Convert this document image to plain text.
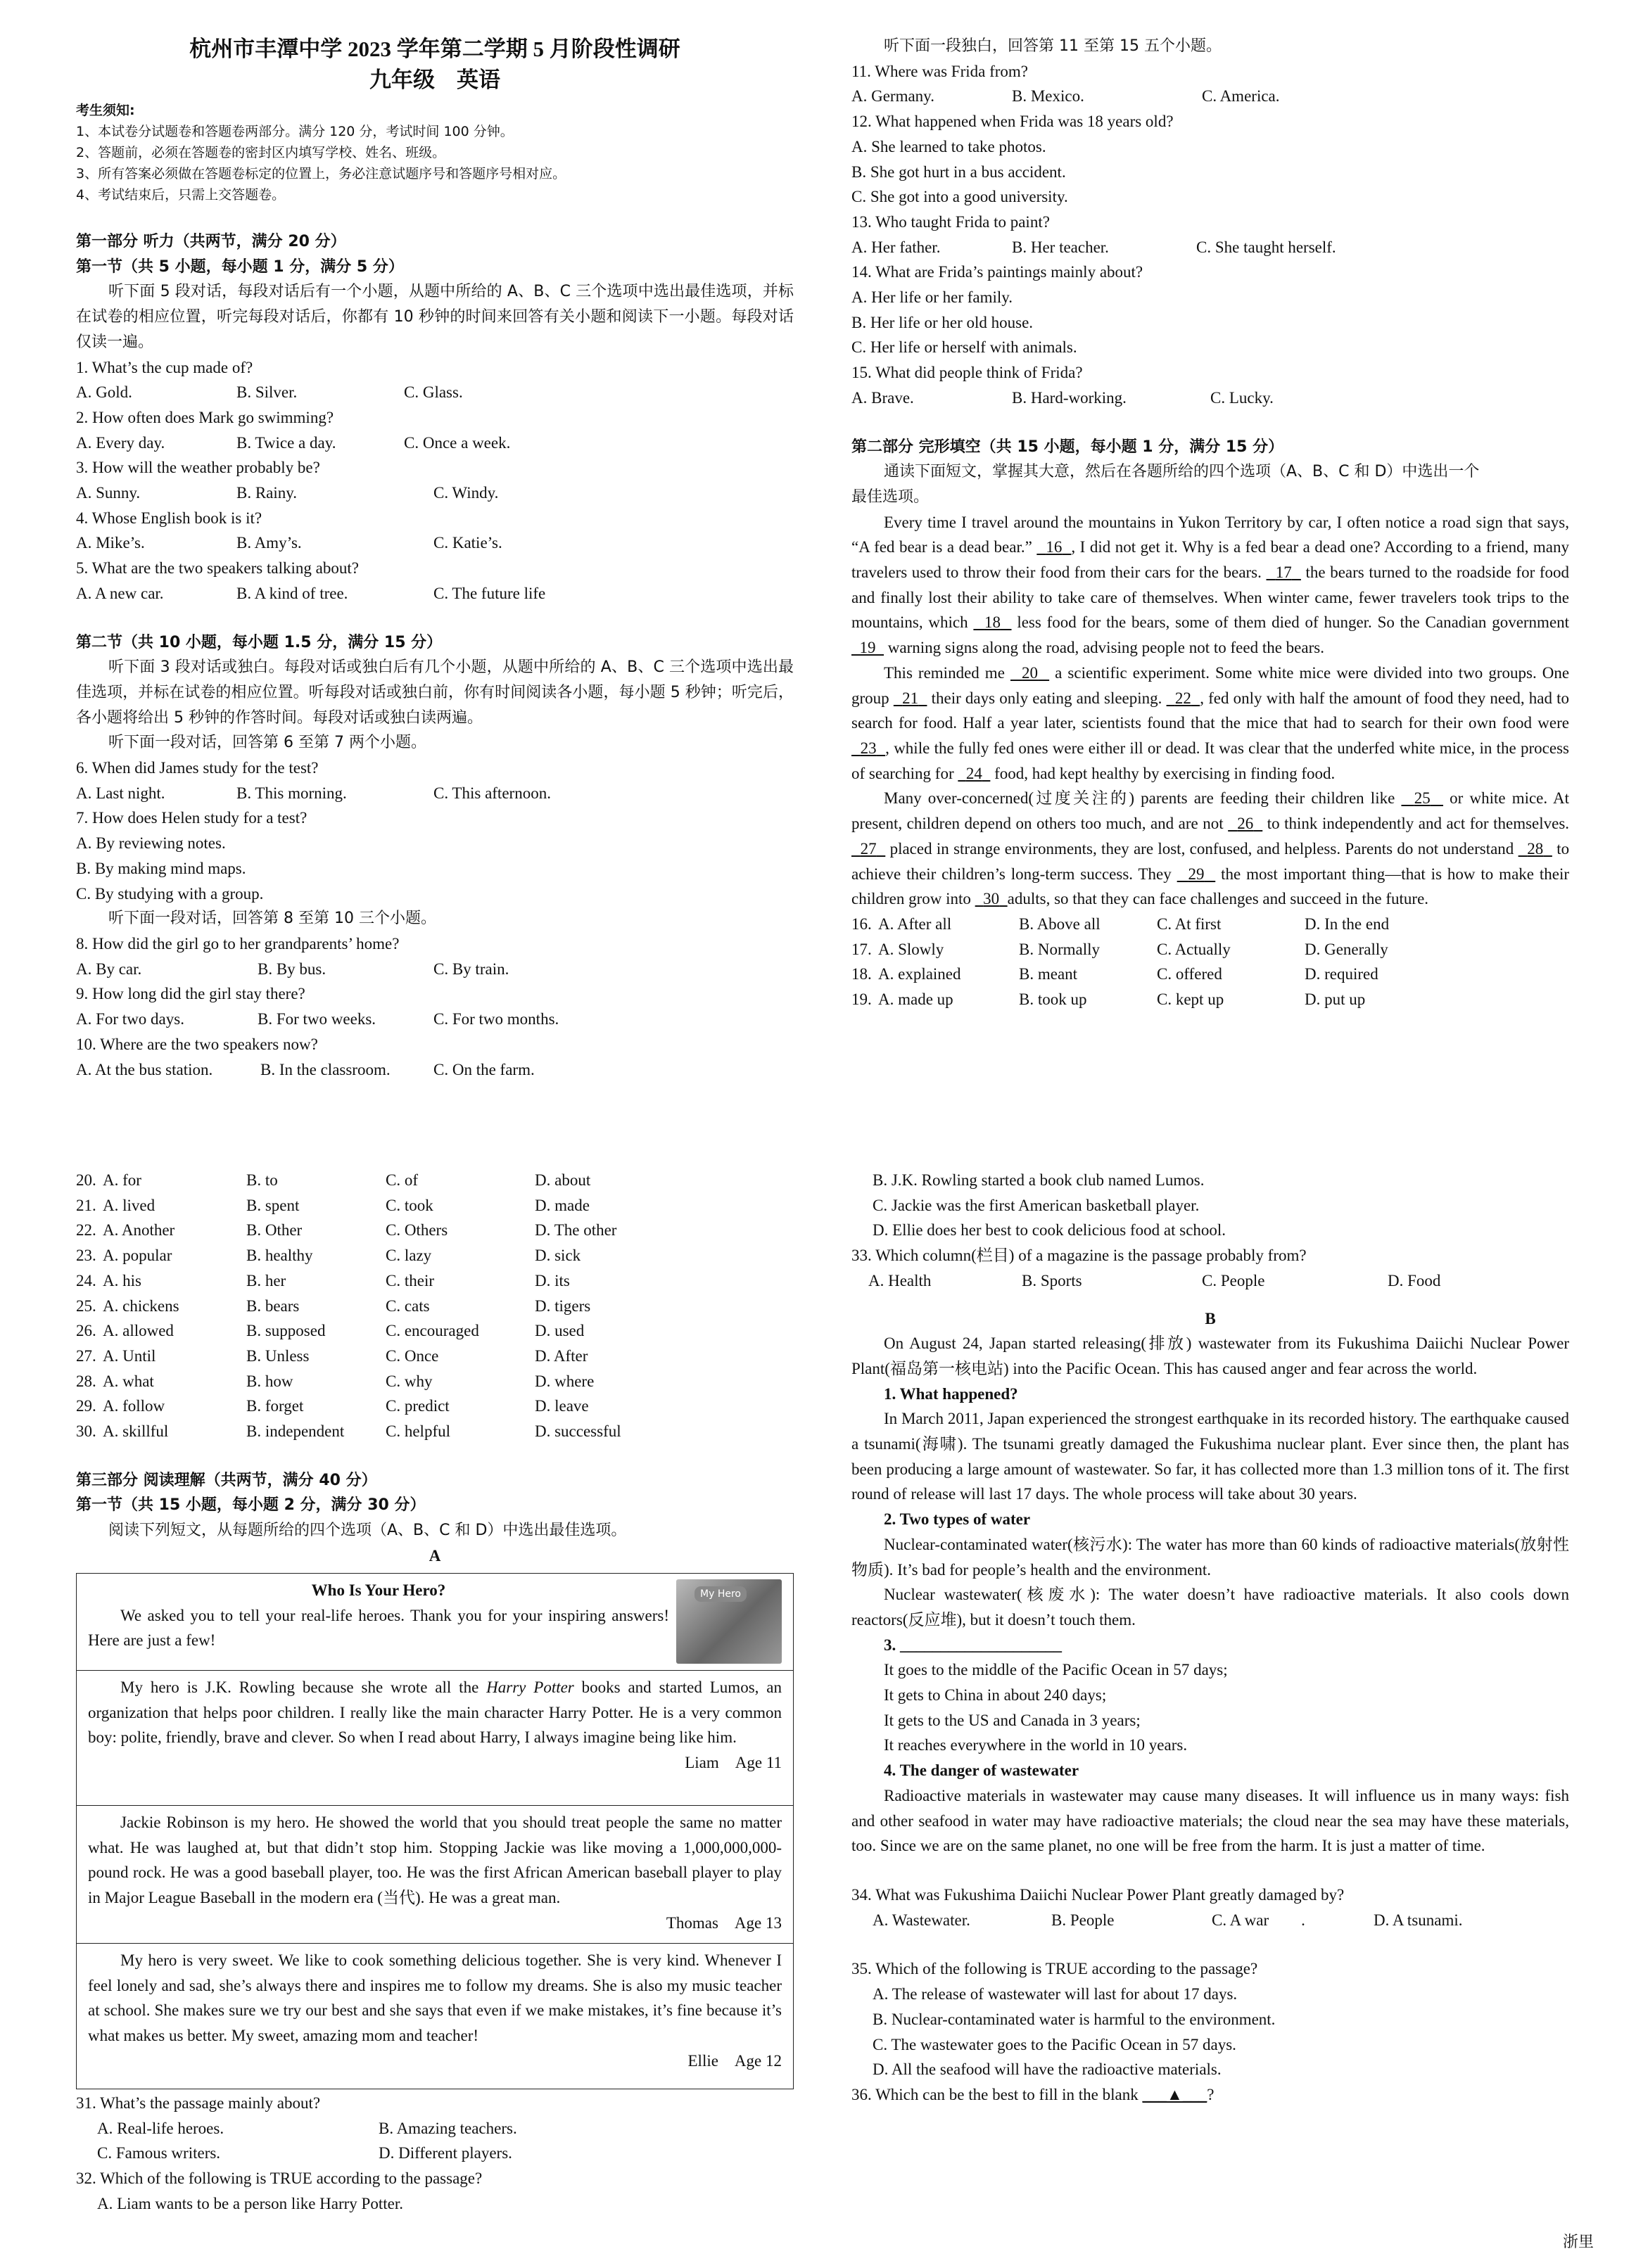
杭州市丰潭中学 2023 学年第二学期 5 月阶段性调研
九年级　英语
考生须知:
1、本试卷分试题卷和答题卷两部分。满分 120 分，考试时间 100 分钟。
2、答题前，必须在答题卷的密封区内填写学校、姓名、班级。
3、所有答案必须做在答题卷标定的位置上，务必注意试题序号和答题序号相对应。
4、考试结束后，只需上交答题卷。
第一部分 听力（共两节，满分 20 分）
第一节（共 5 小题，每小题 1 分，满分 5 分）
听下面 5 段对话，每段对话后有一个小题，从题中所给的 A、B、C 三个选项中选出最佳选项，并标在试卷的相应位置，听完每段对话后，你都有 10 秒钟的时间来回答有关小题和阅读下一小题。每段对话仅读一遍。
1. What’s the cup made of?
A. Gold.	B. Silver.	C. Glass.
2. How often does Mark go swimming?
A. Every day.	B. Twice a day.	C. Once a week.
3. How will the weather probably be?
A. Sunny.	B. Rainy.	C. Windy.
4. Whose English book is it?
A. Mike’s.	B. Amy’s.	C. Katie’s.
5. What are the two speakers talking about?
A. A new car.	B. A kind of tree.	C. The future life
第二节（共 10 小题，每小题 1.5 分，满分 15 分）
听下面 3 段对话或独白。每段对话或独白后有几个小题，从题中所给的 A、B、C 三个选项中选出最佳选项，并标在试卷的相应位置。听每段对话或独白前，你有时间阅读各小题，每小题 5 秒钟；听完后，各小题将给出 5 秒钟的作答时间。每段对话或独白读两遍。
听下面一段对话，回答第 6 至第 7 两个小题。
6. When did James study for the test?
A. Last night.	B. This morning.	C. This afternoon.
7. How does Helen study for a test?
A. By reviewing notes.
B. By making mind maps.
C. By studying with a group.
听下面一段对话，回答第 8 至第 10 三个小题。
8. How did the girl go to her grandparents’ home?
A. By car.	B. By bus.	C. By train.
9. How long did the girl stay there?
A. For two days.	B. For two weeks.	C. For two months.
10. Where are the two speakers now?
A. At the bus station.	B. In the classroom.	C. On the farm.
听下面一段独白，回答第 11 至第 15 五个小题。
11. Where was Frida from?
A. Germany.	B. Mexico.	C. America.
12. What happened when Frida was 18 years old?
A. She learned to take photos.
B. She got hurt in a bus accident.
C. She got into a good university.
13. Who taught Frida to paint?
A. Her father.	B. Her teacher.	C. She taught herself.
14. What are Frida’s paintings mainly about?
A. Her life or her family.
B. Her life or her old house.
C. Her life or herself with animals.
15. What did people think of Frida?
A. Brave.	B. Hard-working.	C. Lucky.
第二部分 完形填空（共 15 小题，每小题 1 分，满分 15 分）
通读下面短文，掌握其大意，然后在各题所给的四个选项（A、B、C 和 D）中选出一个
最佳选项。
Every time I travel around the mountains in Yukon Territory by car, I often notice a road sign that says, “A fed bear is a dead bear.” 16 , I did not get it. Why is a fed bear a dead one? According to a friend, many travelers used to throw their food from their cars for the bears. 17 the bears turned to the roadside for food and finally lost their ability to take care of themselves. When winter came, fewer travelers took trips to the mountains, which 18 less food for the bears, some of them died of hunger. So the Canadian government   19 warning signs along the road, advising people not to feed the bears.
This reminded me 20 a scientific experiment. Some white mice were divided into two groups. One group 21 their days only eating and sleeping. 22 , fed only with half the amount of food they need, had to search for food. Half a year later, scientists found that the mice that had to search for their own food were   23 , while the fully fed ones were either ill or dead. It was clear that the underfed white mice, in the process of searching for 24 food, had kept healthy by exercising in finding food.
Many over-concerned(过度关注的) parents are feeding their children like 25 or white mice. At present, children depend on others too much, and are not 26 to think independently and act for themselves.   27 placed in strange environments, they are lost, confused, and helpless. Parents do not understand 28 to achieve their children’s long-term success. They 29 the most important thing—that is how to make their children grow into 30 adults, so that they can face challenges and succeed in the future.
16. A. After all	B. Above all	C. At first	D. In the end
17. A. Slowly	B. Normally	C. Actually	D. Generally
18. A. explained	B. meant	C. offered	D. required
19. A. made up	B. took up	C. kept up	D. put up
20. A. for	B. to	C. of	D. about
21. A. lived	B. spent	C. took	D. made
22. A. Another	B. Other	C. Others	D. The other
23. A. popular	B. healthy	C. lazy	D. sick
24. A. his	B. her	C. their	D. its
25. A. chickens	B. bears	C. cats	D. tigers
26. A. allowed	B. supposed	C. encouraged	D. used
27. A. Until	B. Unless	C. Once	D. After
28. A. what	B. how	C. why	D. where
29. A. follow	B. forget	C. predict	D. leave
30. A. skillful	B. independent	C. helpful	D. successful
第三部分 阅读理解（共两节，满分 40 分）
第一节（共 15 小题，每小题 2 分，满分 30 分）
阅读下列短文，从每题所给的四个选项（A、B、C 和 D）中选出最佳选项。
A
My Hero
Who Is Your Hero?
We asked you to tell your real-life heroes. Thank you for your inspiring answers! Here are just a few!
My hero is J.K. Rowling because she wrote all the Harry Potter books and started Lumos, an organization that helps poor children. I really like the main character Harry Potter. He is a very common boy: polite, friendly, brave and clever. So when I read about Harry, I always imagine being like him.
Liam　Age 11
Jackie Robinson is my hero. He showed the world that you should treat people the same no matter what. He was laughed at, but that didn’t stop him. Stopping Jackie was like moving a 1,000,000,000-pound rock. He was a good baseball player, too. He was the first African American baseball player to play in Major League Baseball in the modern era (当代). He was a great man.
Thomas　Age 13
My hero is very sweet. We like to cook something delicious together. She is very kind. Whenever I feel lonely and sad, she’s always there and inspires me to follow my dreams. She is also my music teacher at school. She makes sure we try our best and she says that even if we make mistakes, it’s fine because it’s what makes us better. My sweet, amazing mom and teacher!
Ellie　Age 12
31. What’s the passage mainly about?
A. Real-life heroes.	B. Amazing teachers.
C. Famous writers.	D. Different players.
32. Which of the following is TRUE according to the passage?
A. Liam wants to be a person like Harry Potter.
B. J.K. Rowling started a book club named Lumos.
C. Jackie was the first American basketball player.
D. Ellie does her best to cook delicious food at school.
33. Which column(栏目) of a magazine is the passage probably from?
A. Health	B. Sports	C. People	D. Food
B
On August 24, Japan started releasing(排放) wastewater from its Fukushima Daiichi Nuclear Power Plant(福岛第一核电站) into the Pacific Ocean. This has caused anger and fear across the world.
1. What happened?
In March 2011, Japan experienced the strongest earthquake in its recorded history. The earthquake caused a tsunami(海啸). The tsunami greatly damaged the Fukushima nuclear plant. Ever since then, the plant has been producing a large amount of wastewater. So far, it has collected more than 1.3 million tons of it. The first round of release will last 17 days. The whole process will take about 30 years.
2. Two types of water
Nuclear-contaminated water(核污水): The water has more than 60 kinds of radioactive materials(放射性物质). It’s bad for people’s health and the environment.
Nuclear wastewater(核废水): The water doesn’t have radioactive materials. It also cools down reactors(反应堆), but it doesn’t touch them.
3. ____________________
It goes to the middle of the Pacific Ocean in 57 days;
It gets to China in about 240 days;
It gets to the US and Canada in 3 years;
It reaches everywhere in the world in 10 years.
4. The danger of wastewater
Radioactive materials in wastewater may cause many diseases. It will influence us in many ways: fish and other seafood in water may have radioactive materials; the cloud near the sea may have these materials, too. Since we are on the same planet, no one will be free from the harm. It is just a matter of time.
34. What was Fukushima Daiichi Nuclear Power Plant greatly damaged by?
A. Wastewater.	B. People	C. A war　　.	D. A tsunami.
35. Which of the following is TRUE according to the passage?
A. The release of wastewater will last for about 17 days.
B. Nuclear-contaminated water is harmful to the environment.
C. The wastewater goes to the Pacific Ocean in 57 days.
D. All the seafood will have the radioactive materials.
36. Which can be the best to fill in the blank ___▲___?
浙里
